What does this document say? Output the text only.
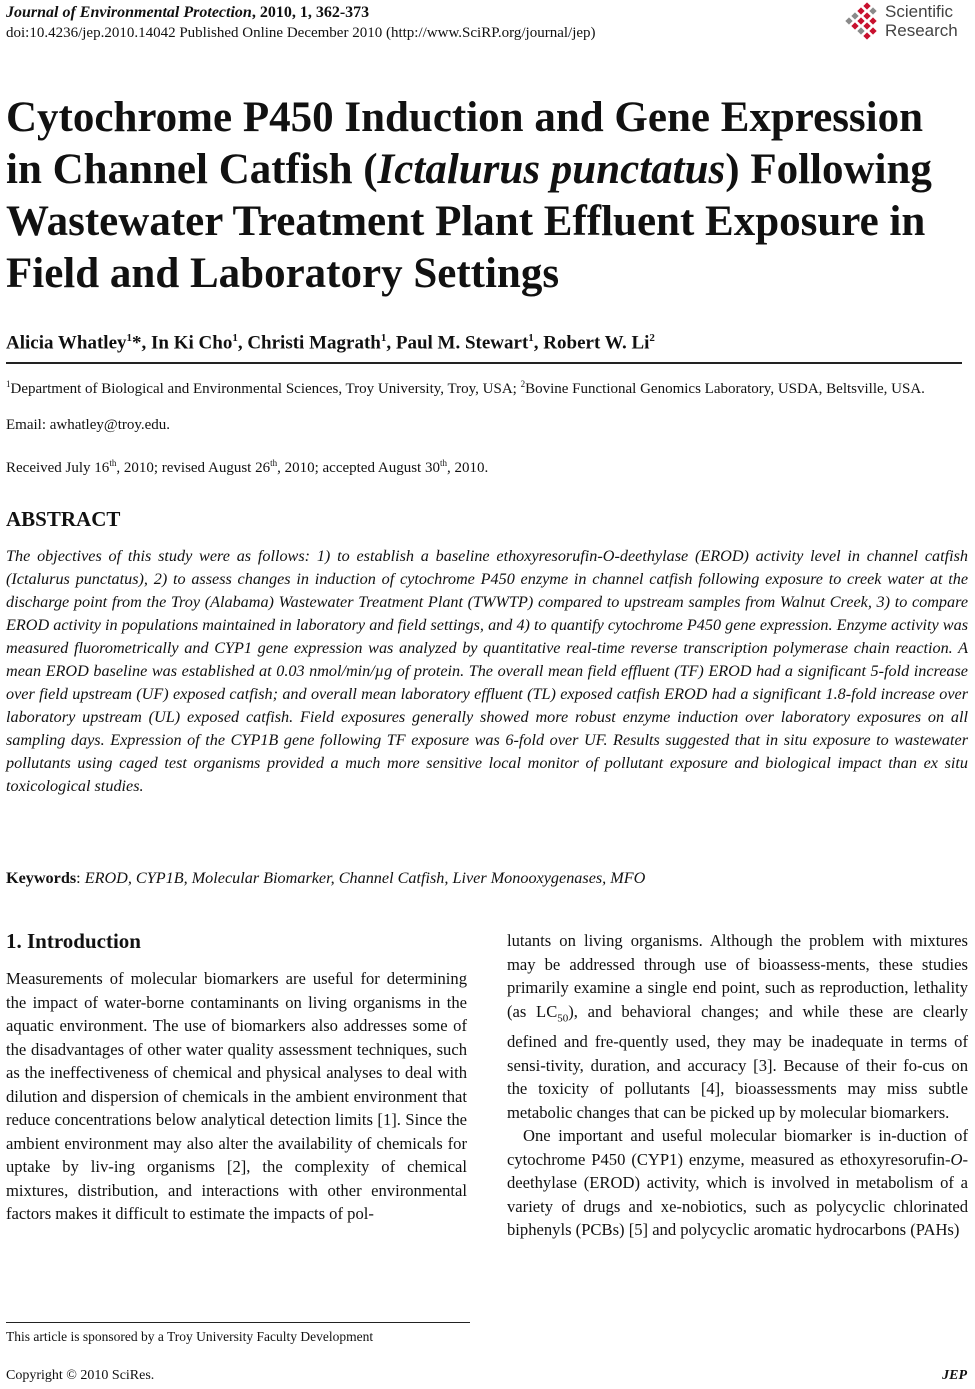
Journal of Environmental Protection, 2010, 1, 362-373
doi:10.4236/jep.2010.14042 Published Online December 2010 (http://www.SciRP.org/journal/jep)
Scientific
Research
Cytochrome P450 Induction and Gene Expression in Channel Catfish (Ictalurus punctatus) Following Wastewater Treatment Plant Effluent Exposure in Field and Laboratory Settings
Alicia Whatley$^1$*, In Ki Cho$^1$, Christi Magrath$^1$, Paul M. Stewart$^1$, Robert W. Li$^2$
$^1$Department of Biological and Environmental Sciences, Troy University, Troy, USA; $^2$Bovine Functional Genomics Laboratory, USDA, Beltsville, USA.
Email: awhatley@troy.edu.
Received July 16th, 2010; revised August 26th, 2010; accepted August 30th, 2010.
ABSTRACT
The objectives of this study were as follows: 1) to establish a baseline ethoxyresorufin-O-deethylase (EROD) activity level in channel catfish (Ictalurus punctatus), 2) to assess changes in induction of cytochrome P450 enzyme in channel catfish following exposure to creek water at the discharge point from the Troy (Alabama) Wastewater Treatment Plant (TWWTP) compared to upstream samples from Walnut Creek, 3) to compare EROD activity in populations maintained in laboratory and field settings, and 4) to quantify cytochrome P450 gene expression. Enzyme activity was measured fluorometrically and CYP1 gene expression was analyzed by quantitative real-time reverse transcription polymerase chain reaction. A mean EROD baseline was established at 0.03 nmol/min/µg of protein. The overall mean field effluent (TF) EROD had a significant 5-fold increase over field upstream (UF) exposed catfish; and overall mean laboratory effluent (TL) exposed catfish EROD had a significant 1.8-fold increase over laboratory upstream (UL) exposed catfish. Field exposures generally showed more robust enzyme induction over laboratory exposures on all sampling days. Expression of the CYP1B gene following TF exposure was 6-fold over UF. Results suggested that in situ exposure to wastewater pollutants using caged test organisms provided a much more sensitive local monitor of pollutant exposure and biological impact than ex situ toxicological studies.
Keywords: EROD, CYP1B, Molecular Biomarker, Channel Catfish, Liver Monooxygenases, MFO
1. Introduction

Measurements of molecular biomarkers are useful for determining the impact of water-borne contaminants on living organisms in the aquatic environment. The use of biomarkers also addresses some of the disadvantages of other water quality assessment techniques, such as the ineffectiveness of chemical and physical analyses to deal with dilution and dispersion of chemicals in the ambient environment that reduce concentrations below analytical detection limits [1]. Since the ambient environment may also alter the availability of chemicals for uptake by liv-ing organisms [2], the complexity of chemical mixtures, distribution, and interactions with other environmental factors makes it difficult to estimate the impacts of pol-

lutants on living organisms. Although the problem with mixtures may be addressed through use of bioassess-ments, these studies primarily examine a single end point, such as reproduction, lethality (as $LC_{50}$), and behavioral changes; and while these are clearly defined and fre-quently used, they may be inadequate in terms of sensi-tivity, duration, and accuracy [3]. Because of their fo-cus on the toxicity of pollutants [4], bioassessments may miss subtle metabolic changes that can be picked up by molecular biomarkers.

One important and useful molecular biomarker is in-duction of cytochrome P450 (CYP1) enzyme, measured as ethoxyresorufin-O-deethylase (EROD) activity, which is involved in metabolism of a variety of drugs and xe-nobiotics, such as polycyclic chlorinated biphenyls (PCBs) [5] and polycyclic aromatic hydrocarbons (PAHs)

This article is sponsored by a Troy University Faculty Development
Copyright © 2010 SciRes.	JEP
